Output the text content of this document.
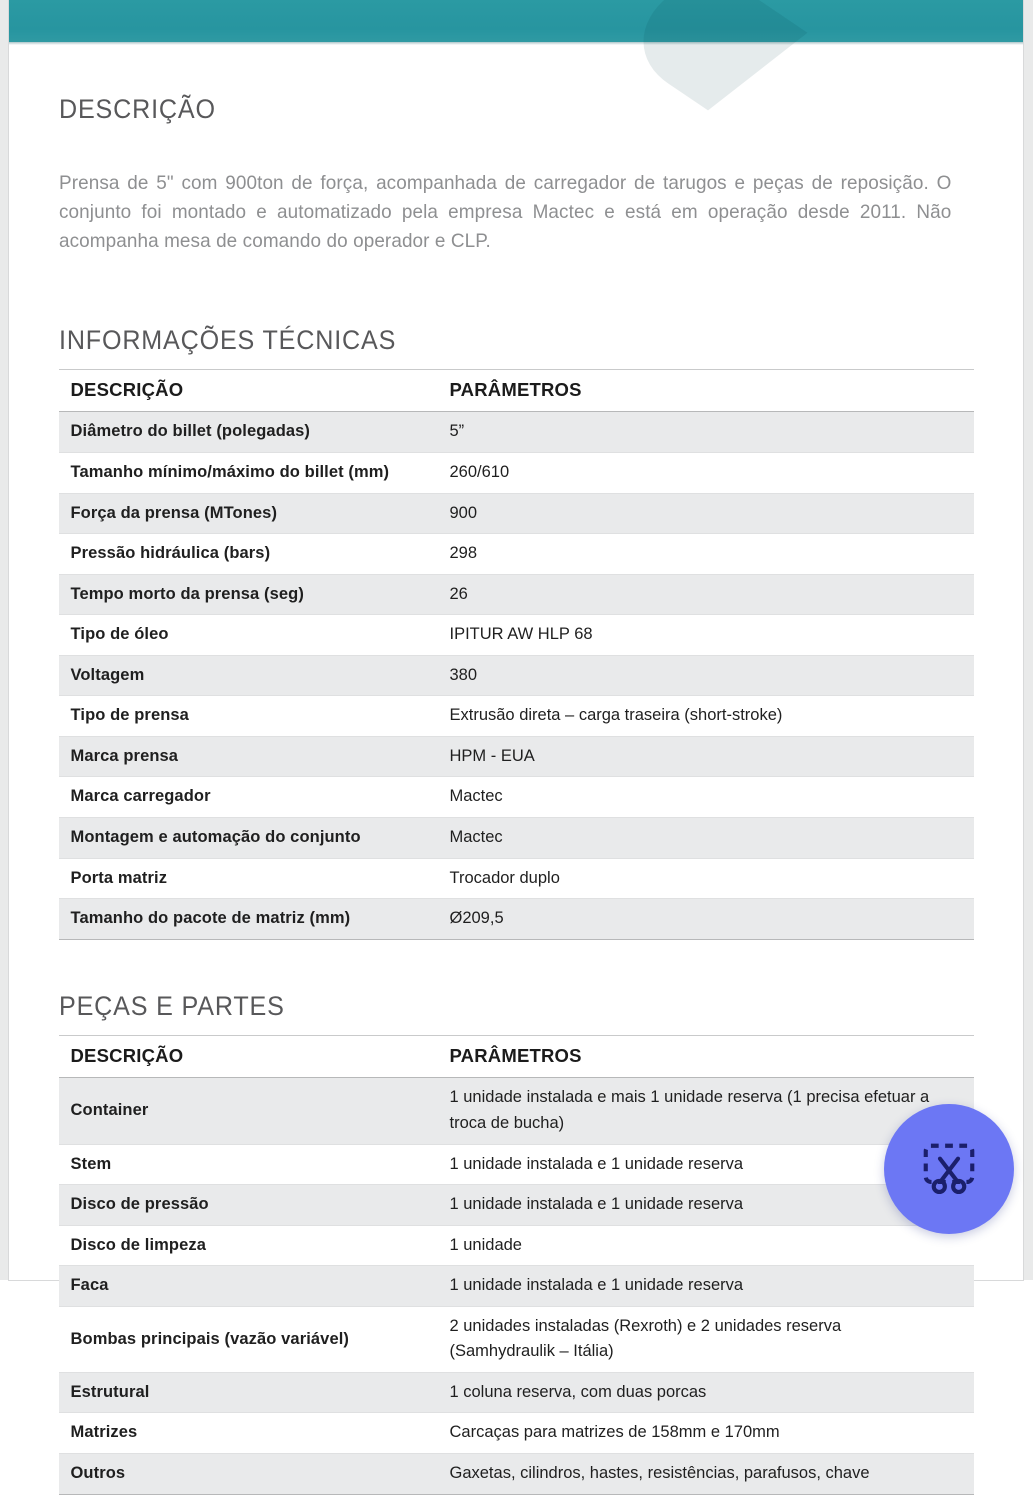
DESCRIÇÃO
Prensa de 5" com 900ton de força, acompanhada de carregador de tarugos e peças de reposição. O conjunto foi montado e automatizado pela empresa Mactec e está em operação desde 2011. Não acompanha mesa de comando do operador e CLP.
INFORMAÇÕES TÉCNICAS
DESCRIÇÃO	PARÂMETROS
Diâmetro do billet (polegadas)	5”
Tamanho mínimo/máximo do billet (mm)	260/610
Força da prensa (MTones)	900
Pressão hidráulica (bars)	298
Tempo morto da prensa (seg)	26
Tipo de óleo	IPITUR AW HLP 68
Voltagem	380
Tipo de prensa	Extrusão direta – carga traseira (short-stroke)
Marca prensa	HPM - EUA
Marca carregador	Mactec
Montagem e automação do conjunto	Mactec
Porta matriz	Trocador duplo
Tamanho do pacote de matriz (mm)	Ø209,5
PEÇAS E PARTES
DESCRIÇÃO	PARÂMETROS
Container	1 unidade instalada e mais 1 unidade reserva (1 precisa efetuar a
troca de bucha)

Stem	1 unidade instalada e 1 unidade reserva
Disco de pressão	1 unidade instalada e 1 unidade reserva
Disco de limpeza	1 unidade
Faca	1 unidade instalada e 1 unidade reserva
Bombas principais (vazão variável)	2 unidades instaladas (Rexroth) e 2 unidades reserva
(Samhydraulik – Itália)

Estrutural	1 coluna reserva, com duas porcas
Matrizes	Carcaças para matrizes de 158mm e 170mm
Outros	Gaxetas, cilindros, hastes, resistências, parafusos, chave
